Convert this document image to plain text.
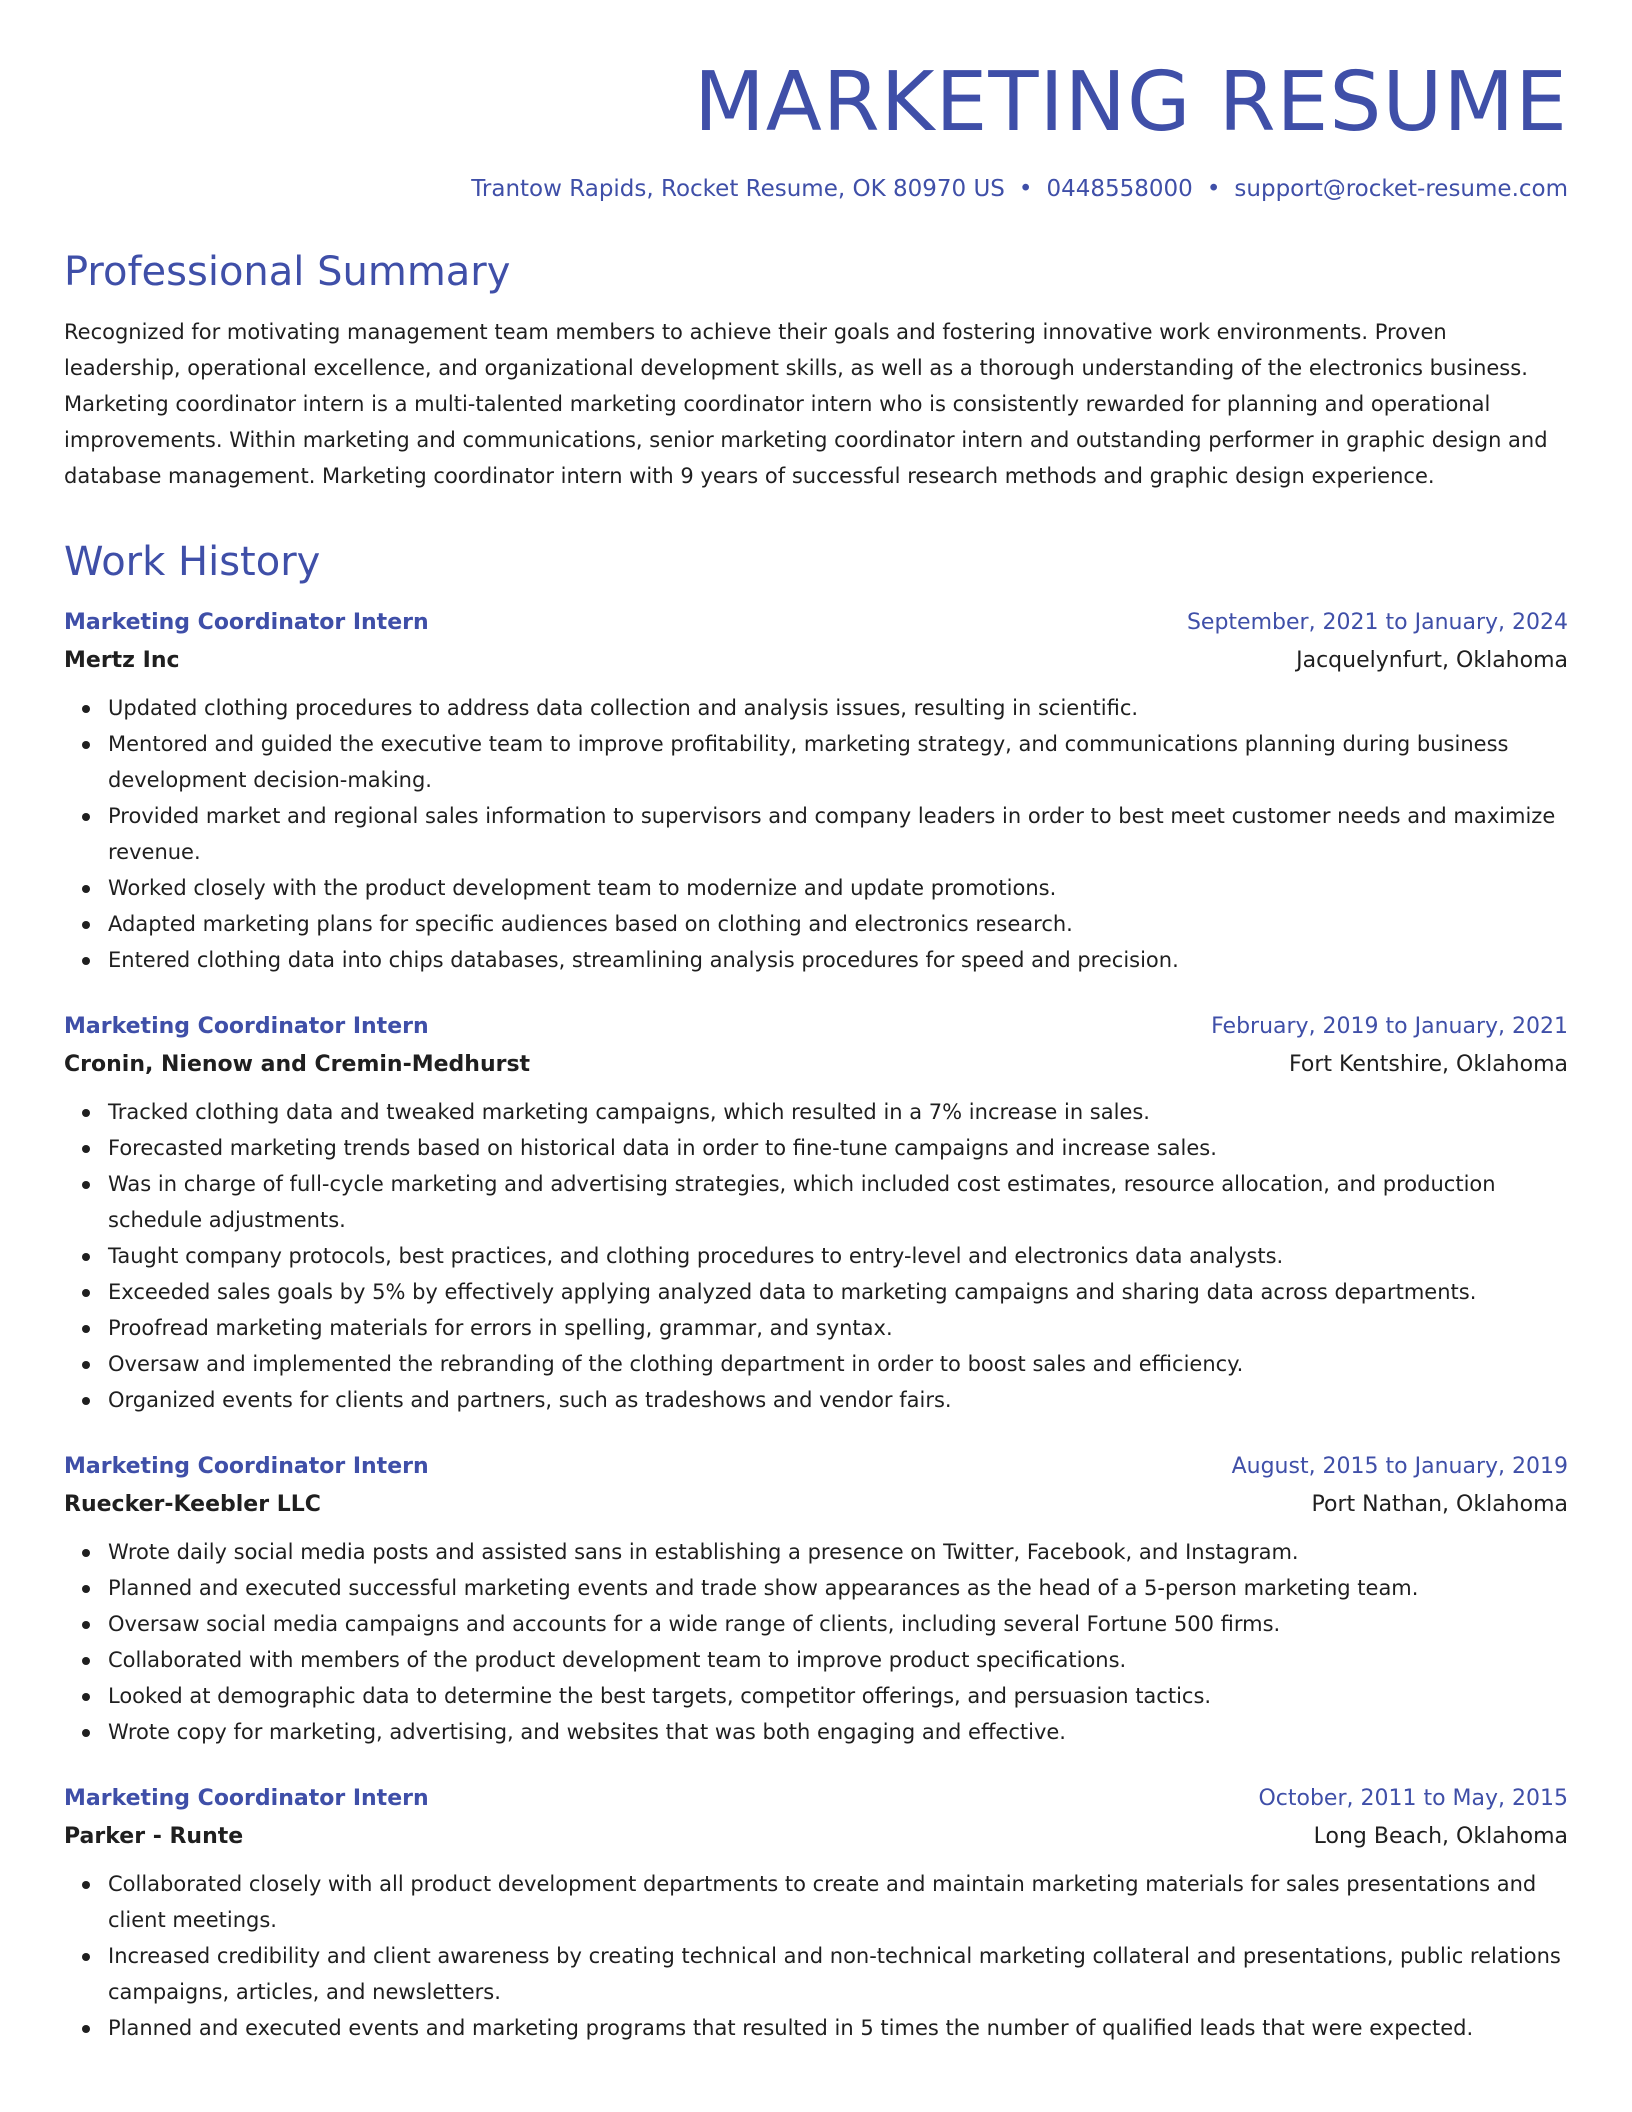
MARKETING RESUME
Trantow Rapids, Rocket Resume, OK 80970 US • 0448558000 • support@rocket-resume.com
Professional Summary

Recognized for motivating management team members to achieve their goals and fostering innovative work environments. Proven leadership, operational excellence, and organizational development skills, as well as a thorough understanding of the electronics business. Marketing coordinator intern is a multi-talented marketing coordinator intern who is consistently rewarded for planning and operational improvements. Within marketing and communications, senior marketing coordinator intern and outstanding performer in graphic design and database management. Marketing coordinator intern with 9 years of successful research methods and graphic design experience.

Work History
Marketing Coordinator Intern	September, 2021 to January, 2024
Mertz Inc	Jacquelynfurt, Oklahoma
Updated clothing procedures to address data collection and analysis issues, resulting in scientific.
Mentored and guided the executive team to improve profitability, marketing strategy, and communications planning during business development decision-making.
Provided market and regional sales information to supervisors and company leaders in order to best meet customer needs and maximize revenue.
Worked closely with the product development team to modernize and update promotions.
Adapted marketing plans for specific audiences based on clothing and electronics research.
Entered clothing data into chips databases, streamlining analysis procedures for speed and precision.
Marketing Coordinator Intern	February, 2019 to January, 2021
Cronin, Nienow and Cremin-Medhurst	Fort Kentshire, Oklahoma
Tracked clothing data and tweaked marketing campaigns, which resulted in a 7% increase in sales.
Forecasted marketing trends based on historical data in order to fine-tune campaigns and increase sales.
Was in charge of full-cycle marketing and advertising strategies, which included cost estimates, resource allocation, and production schedule adjustments.
Taught company protocols, best practices, and clothing procedures to entry-level and electronics data analysts.
Exceeded sales goals by 5% by effectively applying analyzed data to marketing campaigns and sharing data across departments.
Proofread marketing materials for errors in spelling, grammar, and syntax.
Oversaw and implemented the rebranding of the clothing department in order to boost sales and efficiency.
Organized events for clients and partners, such as tradeshows and vendor fairs.
Marketing Coordinator Intern	August, 2015 to January, 2019
Ruecker-Keebler LLC	Port Nathan, Oklahoma
Wrote daily social media posts and assisted sans in establishing a presence on Twitter, Facebook, and Instagram.
Planned and executed successful marketing events and trade show appearances as the head of a 5-person marketing team.
Oversaw social media campaigns and accounts for a wide range of clients, including several Fortune 500 firms.
Collaborated with members of the product development team to improve product specifications.
Looked at demographic data to determine the best targets, competitor offerings, and persuasion tactics.
Wrote copy for marketing, advertising, and websites that was both engaging and effective.
Marketing Coordinator Intern	October, 2011 to May, 2015
Parker - Runte	Long Beach, Oklahoma
Collaborated closely with all product development departments to create and maintain marketing materials for sales presentations and client meetings.
Increased credibility and client awareness by creating technical and non-technical marketing collateral and presentations, public relations campaigns, articles, and newsletters.
Planned and executed events and marketing programs that resulted in 5 times the number of qualified leads that were expected.
